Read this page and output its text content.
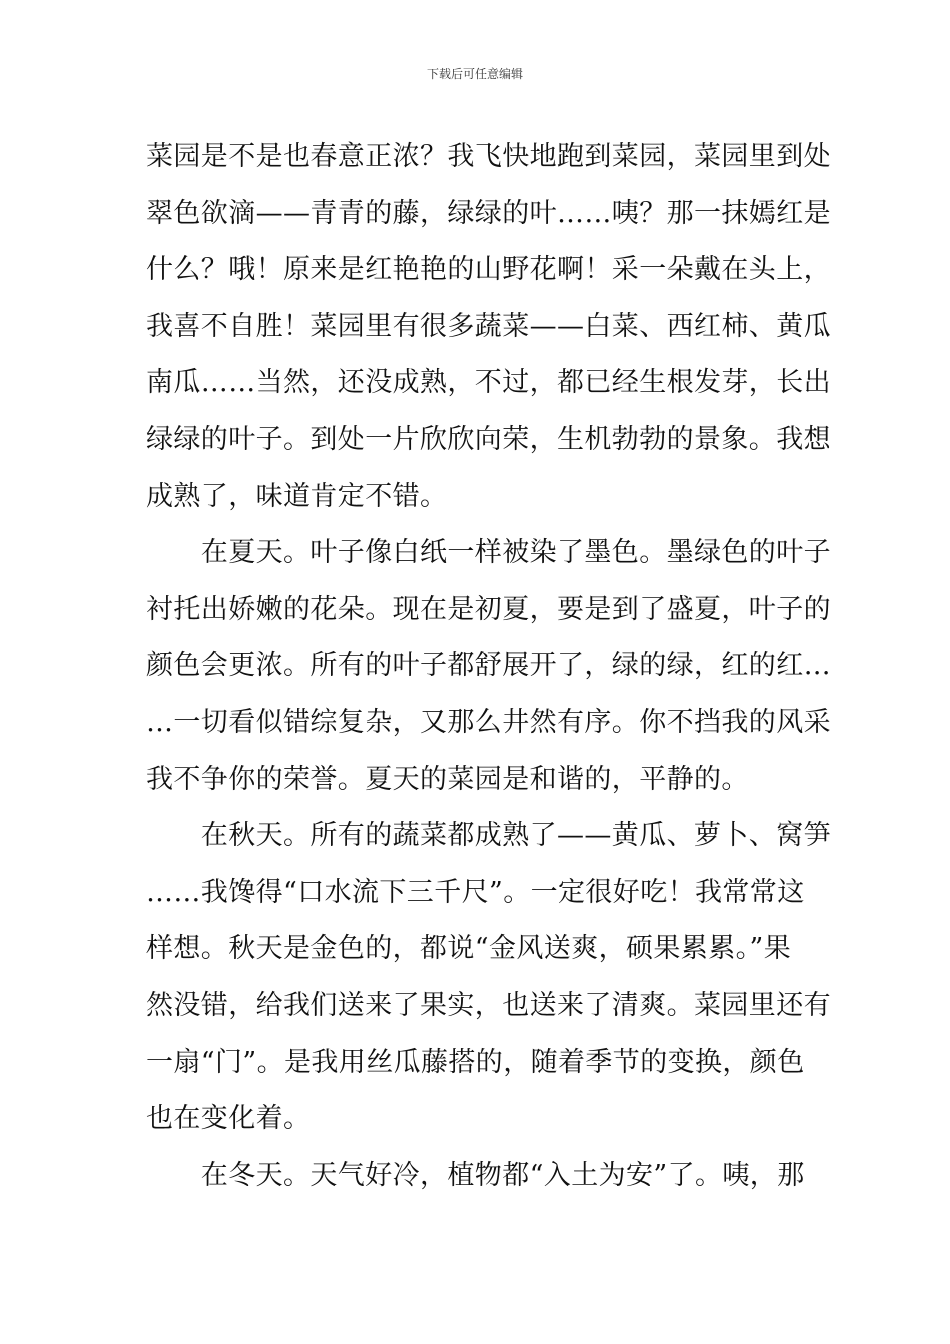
下载后可任意编辑
菜园是不是也春意正浓？我飞快地跑到菜园，菜园里到处
翠色欲滴——青青的藤，绿绿的叶……咦？那一抹嫣红是
什么？哦！原来是红艳艳的山野花啊！采一朵戴在头上，
我喜不自胜！菜园里有很多蔬菜——白菜、西红柿、黄瓜
南瓜……当然，还没成熟，不过，都已经生根发芽，长出
绿绿的叶子。到处一片欣欣向荣，生机勃勃的景象。我想
成熟了，味道肯定不错。
　　在夏天。叶子像白纸一样被染了墨色。墨绿色的叶子
衬托出娇嫩的花朵。现在是初夏，要是到了盛夏，叶子的
颜色会更浓。所有的叶子都舒展开了，绿的绿，红的红…
…一切看似错综复杂，又那么井然有序。你不挡我的风采
我不争你的荣誉。夏天的菜园是和谐的，平静的。
　　在秋天。所有的蔬菜都成熟了——黄瓜、萝卜、窝笋
……我馋得“口水流下三千尺”。一定很好吃！我常常这
样想。秋天是金色的，都说“金风送爽，硕果累累。”果
然没错，给我们送来了果实，也送来了清爽。菜园里还有
一扇“门”。是我用丝瓜藤搭的，随着季节的变换，颜色
也在变化着。
　　在冬天。天气好冷，植物都“入土为安”了。咦，那
